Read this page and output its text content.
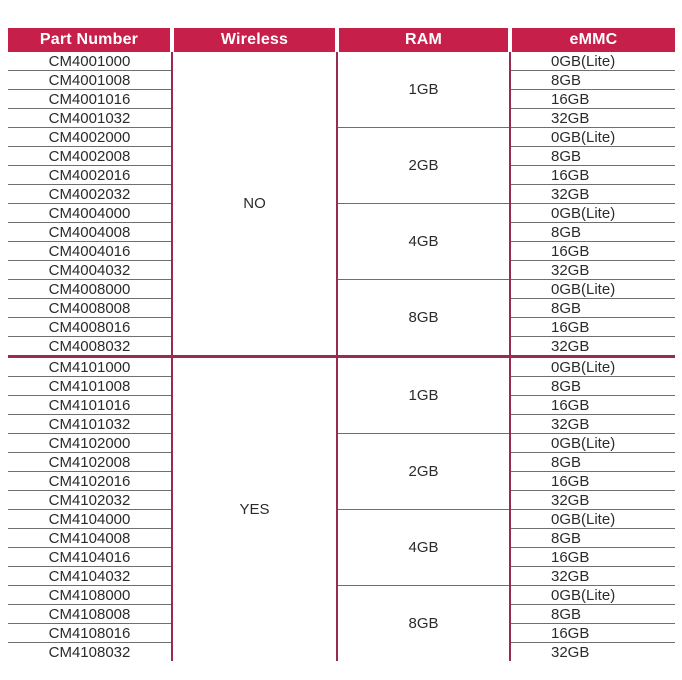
Part Number	Wireless	RAM	eMMC
CM4001000	NO	1GB	0GB(Lite)
CM4001008			8GB
CM4001016			16GB
CM4001032			32GB
CM4002000		2GB	0GB(Lite)
CM4002008			8GB
CM4002016			16GB
CM4002032			32GB
CM4004000		4GB	0GB(Lite)
CM4004008			8GB
CM4004016			16GB
CM4004032			32GB
CM4008000		8GB	0GB(Lite)
CM4008008			8GB
CM4008016			16GB
CM4008032			32GB
CM4101000	YES	1GB	0GB(Lite)
CM4101008			8GB
CM4101016			16GB
CM4101032			32GB
CM4102000		2GB	0GB(Lite)
CM4102008			8GB
CM4102016			16GB
CM4102032			32GB
CM4104000		4GB	0GB(Lite)
CM4104008			8GB
CM4104016			16GB
CM4104032			32GB
CM4108000		8GB	0GB(Lite)
CM4108008			8GB
CM4108016			16GB
CM4108032			32GB
